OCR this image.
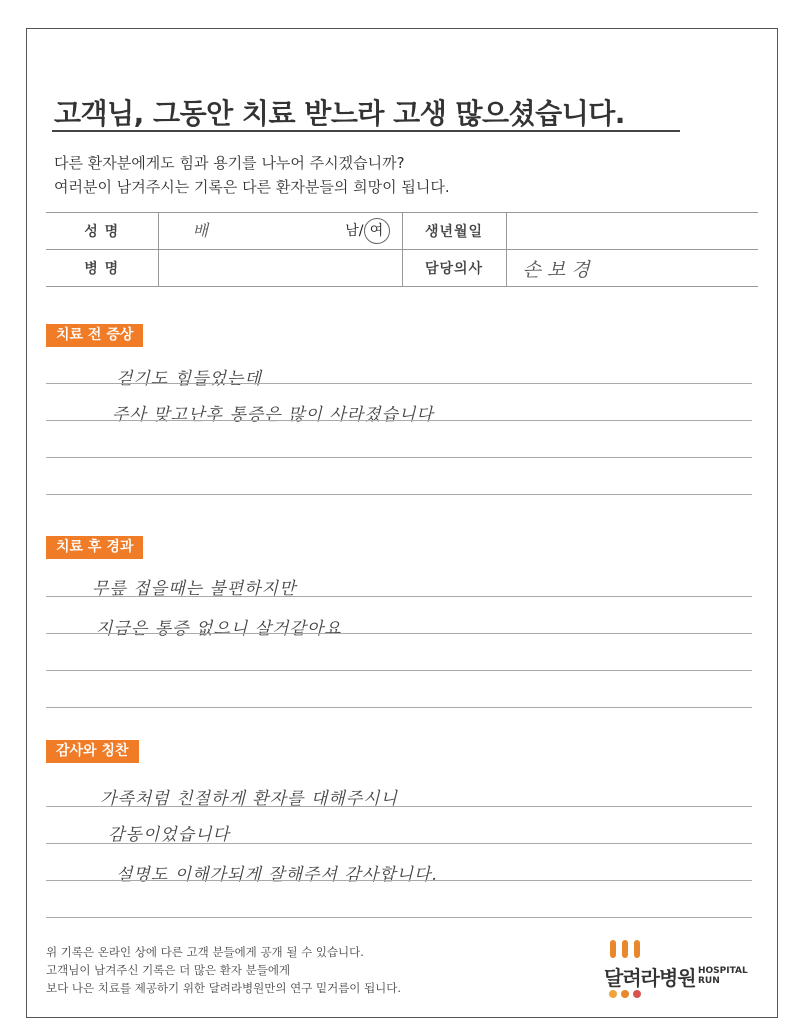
고객님, 그동안 치료 받느라 고생 많으셨습니다.
다른 환자분에게도 힘과 용기를 나누어 주시겠습니까?
여러분이 남겨주시는 기록은 다른 환자분들의 희망이 됩니다.
성 명	배 남/ 여	생년월일	
병 명		담당의사	손보경
치료 전 증상
걷기도 힘들었는데
주사 맞고난후 통증은 많이 사라졌습니다
치료 후 경과
무릎 접을때는 불편하지만
지금은 통증 없으니 살거같아요
감사와 칭찬
가족처럼 친절하게 환자를 대해주시니
감동이었습니다
설명도 이해가되게 잘해주셔 감사합니다.
위 기록은 온라인 상에 다른 고객 분들에게 공개 될 수 있습니다.
고객님이 남겨주신 기록은 더 많은 환자 분들에게
보다 나은 치료를 제공하기 위한 달려라병원만의 연구 밑거름이 됩니다.	달려라병원 HOSPITAL
RUN
